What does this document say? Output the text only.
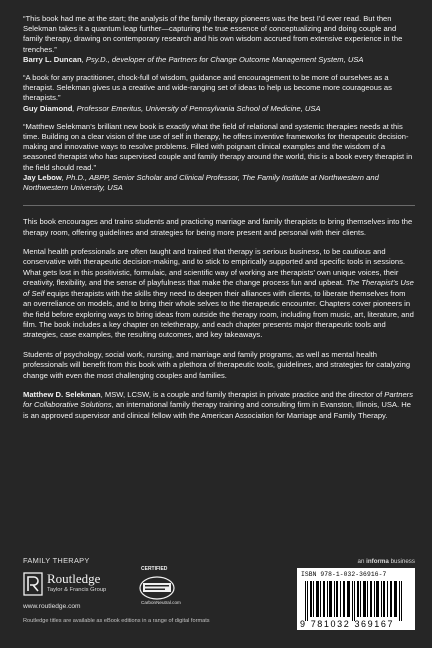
“This book had me at the start; the analysis of the family therapy pioneers was the best I’d ever read. But then Selekman takes it a quantum leap further—capturing the true essence of conceptualizing and doing couple and family therapy, drawing on contemporary research and his own wisdom accrued from extensive experience in the trenches.”

Barry L. Duncan, Psy.D., developer of the Partners for Change Outcome Management System, USA

“A book for any practitioner, chock-full of wisdom, guidance and encouragement to be more of ourselves as a therapist. Selekman gives us a creative and wide-ranging set of ideas to help us become more courageous as therapists.”

Guy Diamond, Professor Emeritus, University of Pennsylvania School of Medicine, USA

“Matthew Selekman’s brilliant new book is exactly what the field of relational and systemic therapies needs at this time. Building on a clear vision of the use of self in therapy, he offers inventive frameworks for therapeutic decision-making and innovative ways to resolve problems. Filled with poignant clinical examples and the wisdom of a seasoned therapist who has supervised couple and family therapy around the world, this is a book every therapist in the field should read.”

Jay Lebow, Ph.D., ABPP, Senior Scholar and Clinical Professor, The Family Institute at Northwestern and Northwestern University, USA

This book encourages and trains students and practicing marriage and family therapists to bring themselves into the therapy room, offering guidelines and strategies for being more present and personal with their clients.

Mental health professionals are often taught and trained that therapy is serious business, to be cautious and conservative with therapeutic decision-making, and to stick to empirically supported and specific tools in sessions. What gets lost in this positivistic, formulaic, and scientific way of working are therapists’ own unique voices, their creativity, flexibility, and the sense of playfulness that make the change process fun and upbeat. The Therapist’s Use of Self equips therapists with the skills they need to deepen their alliances with clients, to liberate themselves from an overreliance on models, and to bring their whole selves to the therapeutic encounter. Chapters cover pioneers in the field before exploring ways to bring ideas from outside the therapy room, including from music, art, literature, and film. The book includes a key chapter on teletherapy, and each chapter presents major therapeutic tools and strategies, case examples, the resulting outcomes, and key takeaways.

Students of psychology, social work, nursing, and marriage and family programs, as well as mental health professionals will benefit from this book with a plethora of therapeutic tools, guidelines, and strategies for catalyzing change with even the most challenging couples and families.

Matthew D. Selekman, MSW, LCSW, is a couple and family therapist in private practice and the director of Partners for Collaborative Solutions, an international family therapy training and consulting firm in Evanston, Illinois, USA. He is an approved supervisor and clinical fellow with the American Association for Marriage and Family Therapy.

FAMILY THERAPY	an informa business
Routledge
Taylor & Francis Group
www.routledge.com
Routledge titles are available as eBook editions in a range of digital formats
CERTIFIED
CarbonNeutral.com
ISBN 978-1-032-36916-7
9 781032 369167
